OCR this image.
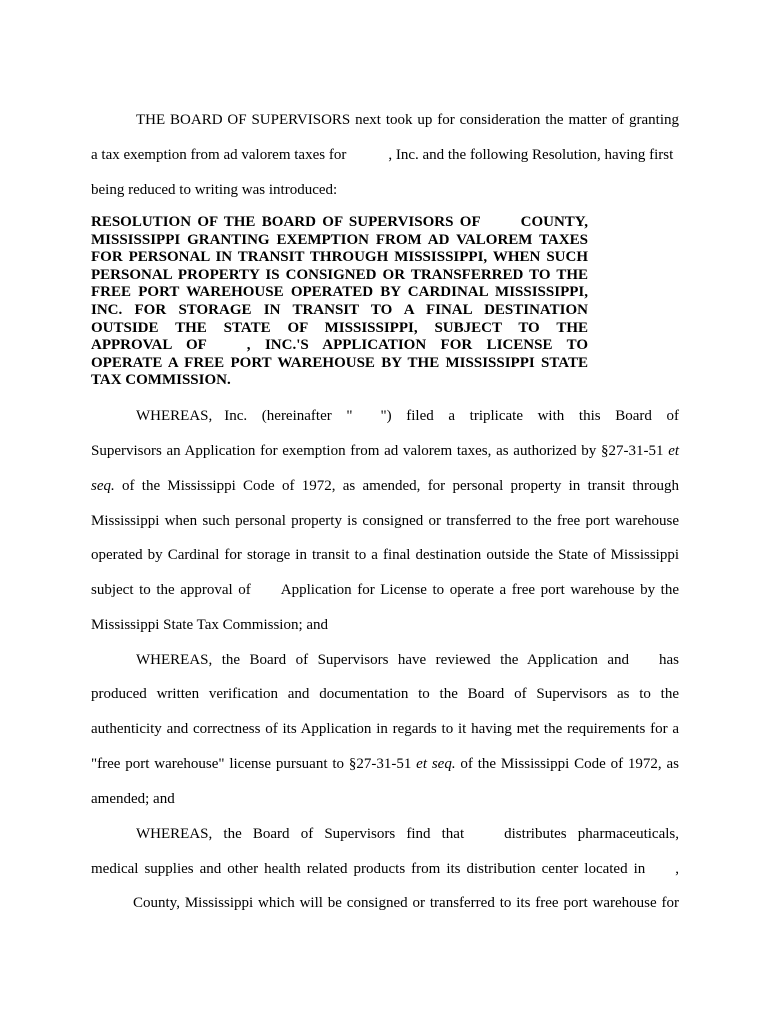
THE BOARD OF SUPERVISORS next took up for consideration the matter of granting

a tax exemption from ad valorem taxes for	, Inc. and the following Resolution, having first

being reduced to writing was introduced:

RESOLUTION OF THE BOARD OF SUPERVISORS OF	COUNTY,

MISSISSIPPI GRANTING EXEMPTION FROM AD VALOREM TAXES

FOR PERSONAL IN TRANSIT THROUGH MISSISSIPPI, WHEN SUCH

PERSONAL PROPERTY IS CONSIGNED OR TRANSFERRED TO THE

FREE PORT WAREHOUSE OPERATED BY CARDINAL MISSISSIPPI,

INC. FOR STORAGE IN TRANSIT TO A FINAL DESTINATION

OUTSIDE THE STATE OF MISSISSIPPI, SUBJECT TO THE

APPROVAL OF	, INC.'S APPLICATION FOR LICENSE TO

OPERATE A FREE PORT WAREHOUSE BY THE MISSISSIPPI STATE

TAX COMMISSION.

WHEREAS, Inc. (hereinafter " ") filed a triplicate with this Board of

Supervisors an Application for exemption from ad valorem taxes, as authorized by §27-31-51 et

seq. of the Mississippi Code of 1972, as amended, for personal property in transit through

Mississippi when such personal property is consigned or transferred to the free port warehouse

operated by Cardinal for storage in transit to a final destination outside the State of Mississippi

subject to the approval of Application for License to operate a free port warehouse by the

Mississippi State Tax Commission; and

WHEREAS, the Board of Supervisors have reviewed the Application and has

produced written verification and documentation to the Board of Supervisors as to the

authenticity and correctness of its Application in regards to it having met the requirements for a

"free port warehouse" license pursuant to §27-31-51 et seq. of the Mississippi Code of 1972, as

amended; and

WHEREAS, the Board of Supervisors find that	distributes pharmaceuticals,

medical supplies and other health related products from its distribution center located in ,

County, Mississippi which will be consigned or transferred to its free port warehouse for
